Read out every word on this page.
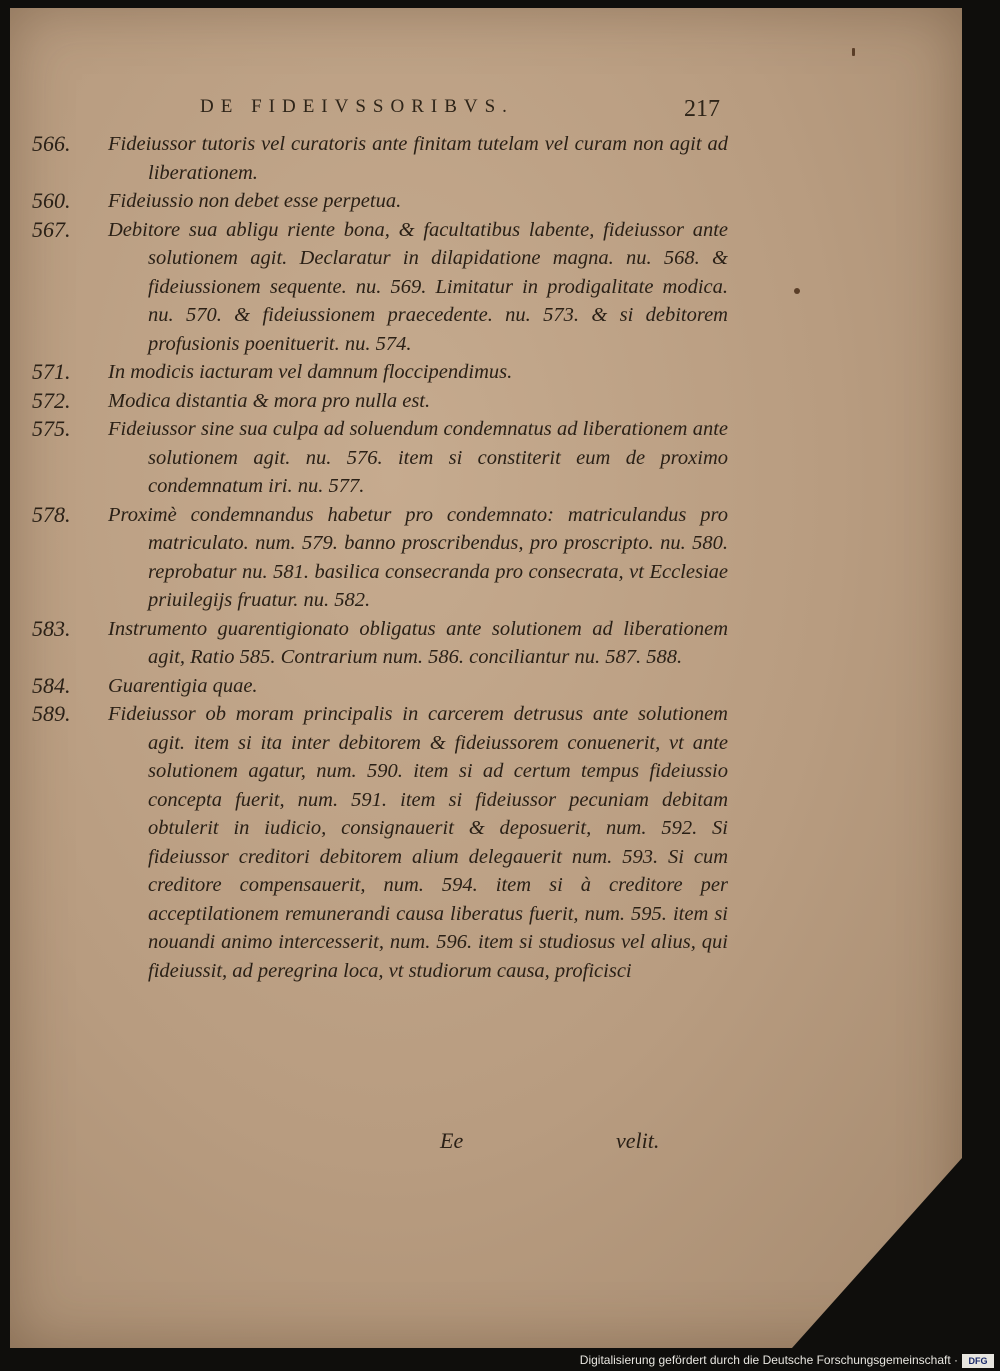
DE FIDEIVSSORIBVS.	217
566.	Fideiussor tutoris vel curatoris ante finitam tutelam vel curam non agit ad liberationem.
560.	Fideiussio non debet esse perpetua.
567.	Debitore sua abligu riente bona, & facultatibus labente, fideiussor ante solutionem agit. Declaratur in dilapidatione magna. nu. 568. & fideiussionem sequente. nu. 569. Limitatur in prodigalitate modica. nu. 570. & fideiussionem praecedente. nu. 573. & si debitorem profusionis poenituerit. nu. 574.
571.	In modicis iacturam vel damnum floccipendimus.
572.	Modica distantia & mora pro nulla est.
575.	Fideiussor sine sua culpa ad soluendum condemnatus ad liberationem ante solutionem agit. nu. 576. item si constiterit eum de proximo condemnatum iri. nu. 577.
578.	Proximè condemnandus habetur pro condemnato: matriculandus pro matriculato. num. 579. banno proscribendus, pro proscripto. nu. 580. reprobatur nu. 581. basilica consecranda pro consecrata, vt Ecclesiae priuilegijs fruatur. nu. 582.
583.	Instrumento guarentigionato obligatus ante solutionem ad liberationem agit, Ratio 585. Contrarium num. 586. conciliantur nu. 587. 588.
584.	Guarentigia quae.
589.	Fideiussor ob moram principalis in carcerem detrusus ante solutionem agit. item si ita inter debitorem & fideiussorem conuenerit, vt ante solutionem agatur, num. 590. item si ad certum tempus fideiussio concepta fuerit, num. 591. item si fideiussor pecuniam debitam obtulerit in iudicio, consignauerit & deposuerit, num. 592. Si fideiussor creditori debitorem alium delegauerit num. 593. Si cum creditore compensauerit, num. 594. item si à creditore per acceptilationem remunerandi causa liberatus fuerit, num. 595. item si nouandi animo intercesserit, num. 596. item si studiosus vel alius, qui fideiussit, ad peregrina loca, vt studiorum causa, proficisci
Ee	velit.
Digitalisierung gefördert durch die Deutsche Forschungsgemeinschaft ·	DFG
